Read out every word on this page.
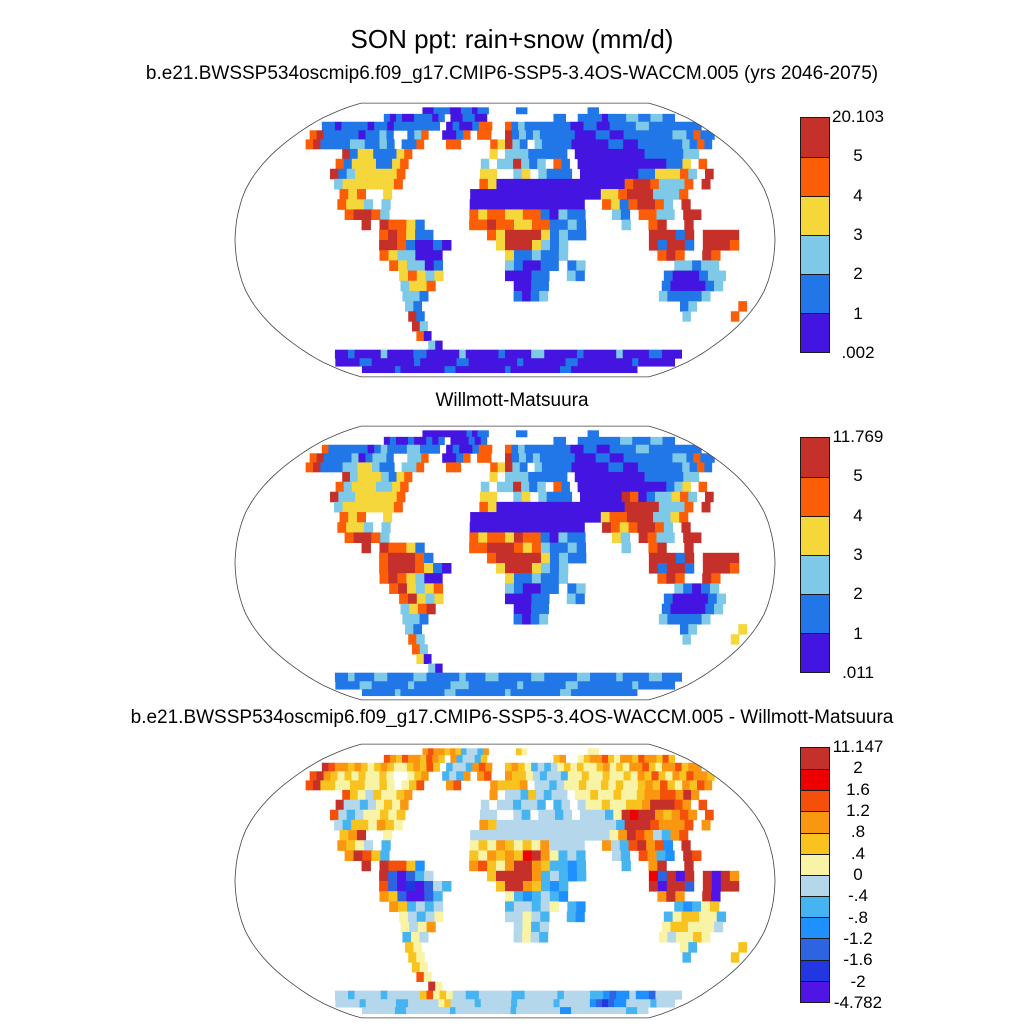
SON ppt: rain+snow (mm/d)
b.e21.BWSSP534oscmip6.f09_g17.CMIP6-SSP5-3.4OS-WACCM.005 (yrs 2046-2075)
20.103
5
4
3
2
1
.002
Willmott-Matsuura
11.769
5
4
3
2
1
.011
b.e21.BWSSP534oscmip6.f09_g17.CMIP6-SSP5-3.4OS-WACCM.005 - Willmott-Matsuura
11.147
2
1.6
1.2
.8
.4
0
-.4
-.8
-1.2
-1.6
-2
-4.782
